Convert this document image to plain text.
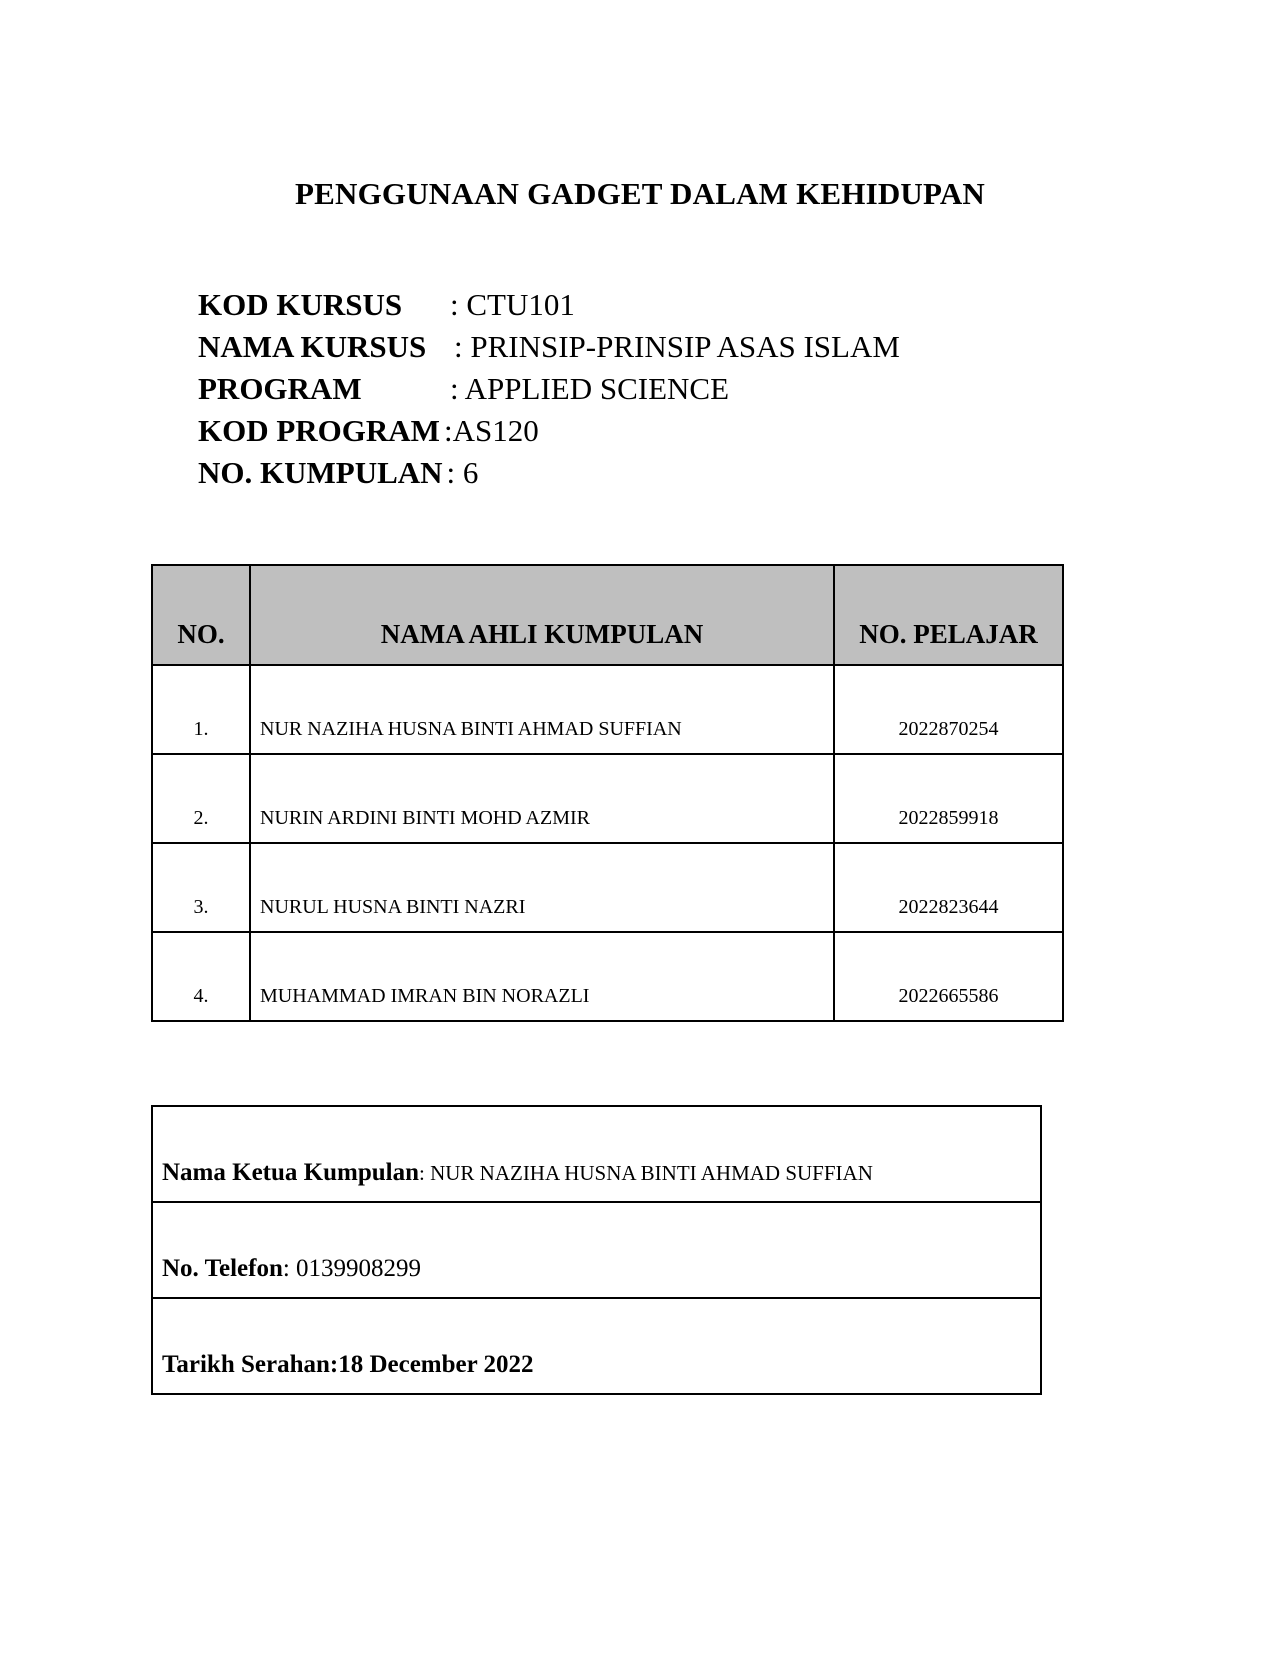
PENGGUNAAN GADGET DALAM KEHIDUPAN
KOD KURSUS : CTU101
NAMA KURSUS : PRINSIP-PRINSIP ASAS ISLAM
PROGRAM	: APPLIED SCIENCE
KOD PROGRAM :AS120
NO. KUMPULAN : 6
NO.	NAMA AHLI KUMPULAN	NO. PELAJAR
1.	NUR NAZIHA HUSNA BINTI AHMAD SUFFIAN	2022870254
2.	NURIN ARDINI BINTI MOHD AZMIR	2022859918
3.	NURUL HUSNA BINTI NAZRI	2022823644
4.	MUHAMMAD IMRAN BIN NORAZLI	2022665586
Nama Ketua Kumpulan: NUR NAZIHA HUSNA BINTI AHMAD SUFFIAN
No. Telefon: 0139908299
Tarikh Serahan:18 December 2022
